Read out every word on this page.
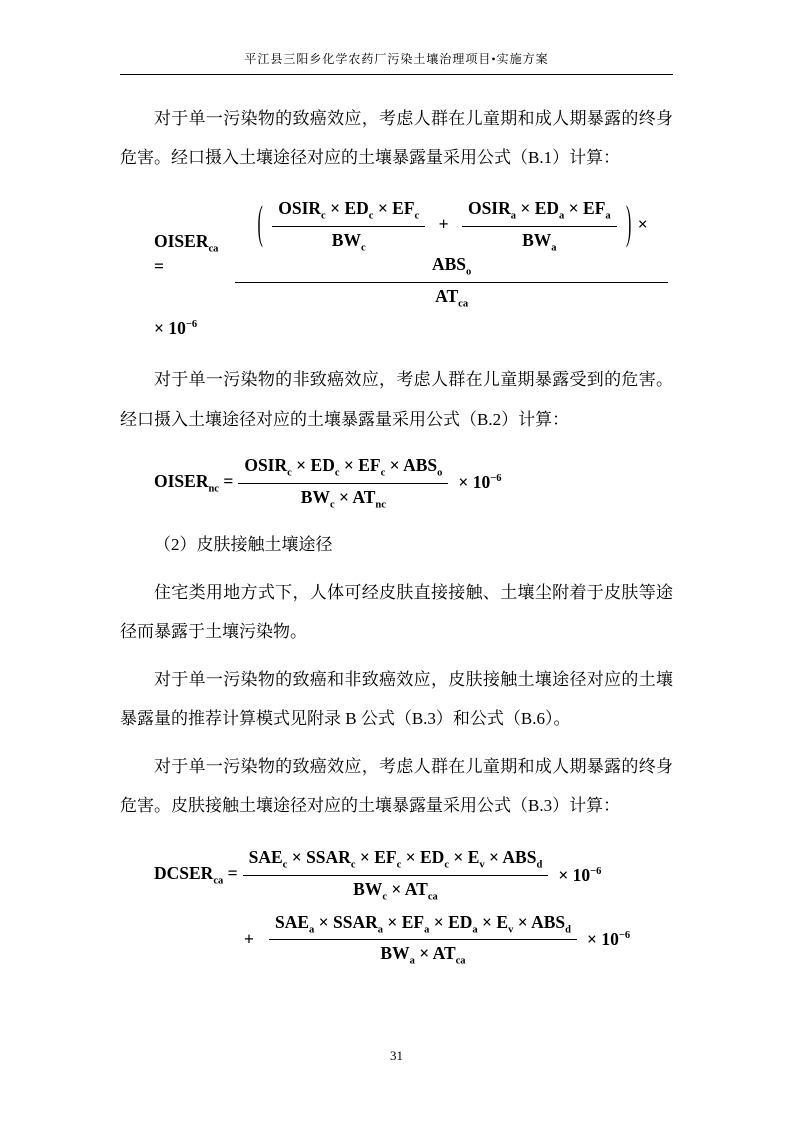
平江县三阳乡化学农药厂污染土壤治理项目•实施方案

对于单一污染物的致癌效应，考虑人群在儿童期和成人期暴露的终身危害。经口摄入土壤途径对应的土壤暴露量采用公式（B.1）计算：

$OISER_{ca}$ =
( $\frac{OSIR_c \times ED_c \times EF_c}{BW_c} + \frac{OSIR_a \times ED_a \times EF_a}{BW_a}$ ) × $ABS_o$
$AT_{ca}$
× $10^{-6}$

对于单一污染物的非致癌效应，考虑人群在儿童期暴露受到的危害。经口摄入土壤途径对应的土壤暴露量采用公式（B.2）计算：

$OISER_{nc} = \frac{OSIR_c \times ED_c \times EF_c \times ABS_o}{BW_c \times AT_{nc}} \times 10^{-6}$

（2）皮肤接触土壤途径

住宅类用地方式下，人体可经皮肤直接接触、土壤尘附着于皮肤等途径而暴露于土壤污染物。

对于单一污染物的致癌和非致癌效应，皮肤接触土壤途径对应的土壤暴露量的推荐计算模式见附录 B 公式（B.3）和公式（B.6）。

对于单一污染物的致癌效应，考虑人群在儿童期和成人期暴露的终身危害。皮肤接触土壤途径对应的土壤暴露量采用公式（B.3）计算：

$DCSER_{ca} = \frac{SAE_c \times SSAR_c \times EF_c \times ED_c \times E_v \times ABS_d}{BW_c \times AT_{ca}} \times 10^{-6}$
+ $\frac{SAE_a \times SSAR_a \times EF_a \times ED_a \times E_v \times ABS_d}{BW_a \times AT_{ca}} \times 10^{-6}$
31
